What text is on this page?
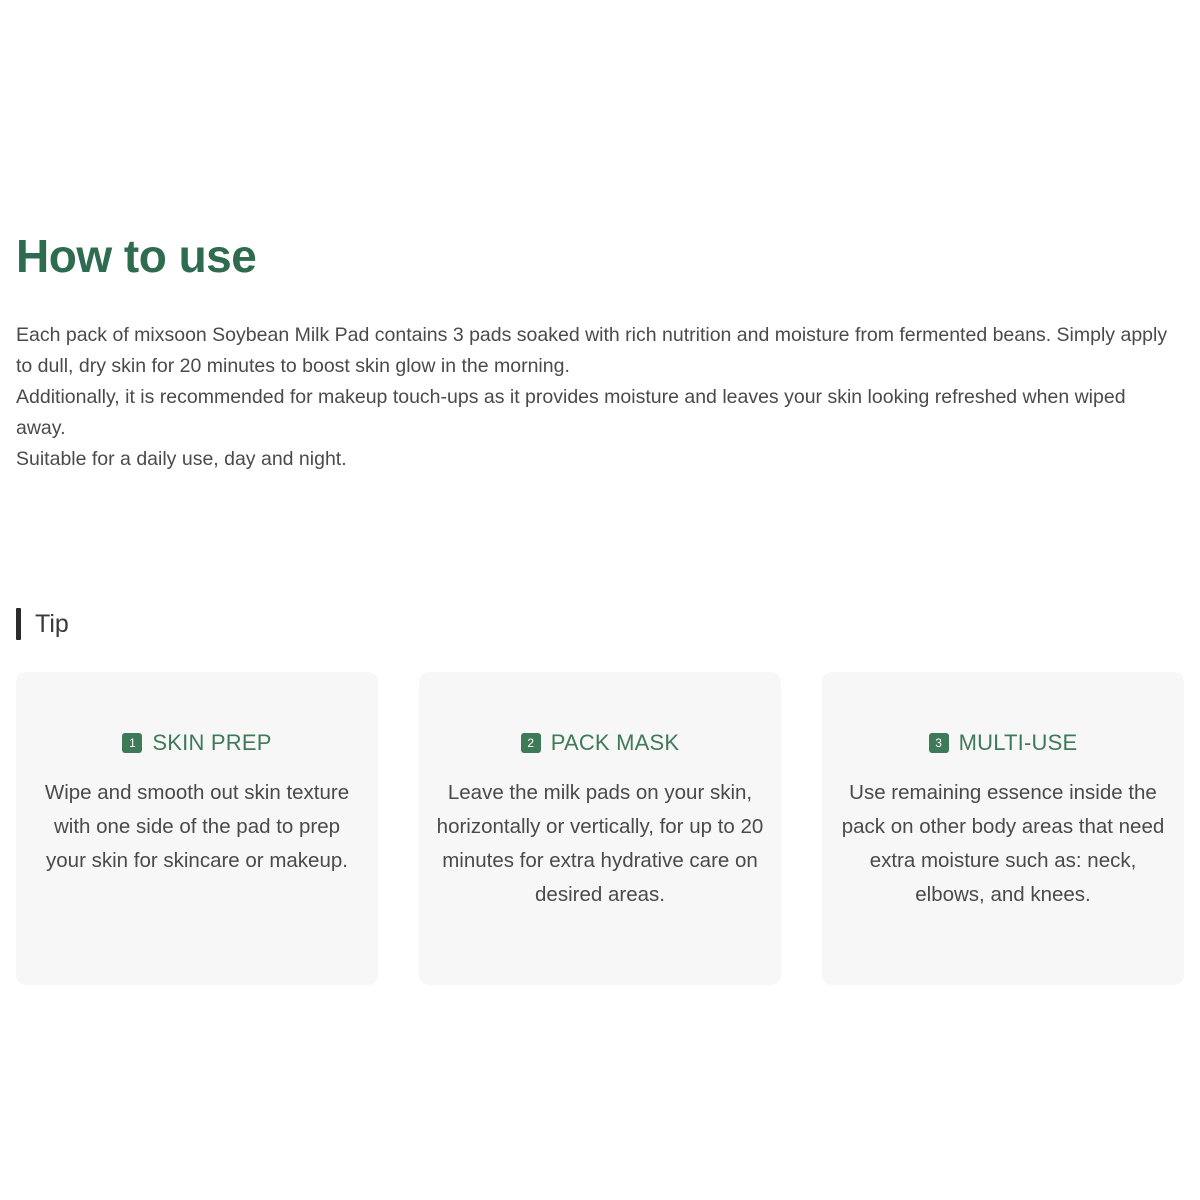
How to use

Each pack of mixsoon Soybean Milk Pad contains 3 pads soaked with rich nutrition and moisture from fermented beans. Simply apply to dull, dry skin for 20 minutes to boost skin glow in the morning.

Additionally, it is recommended for makeup touch-ups as it provides moisture and leaves your skin looking refreshed when wiped away.

Suitable for a daily use, day and night.

Tip
1 SKIN PREP
Wipe and smooth out skin texture with one side of the pad to prep your skin for skincare or makeup.
2 PACK MASK
Leave the milk pads on your skin, horizontally or vertically, for up to 20 minutes for extra hydrative care on desired areas.
3 MULTI-USE
Use remaining essence inside the pack on other body areas that need extra moisture such as: neck, elbows, and knees.
